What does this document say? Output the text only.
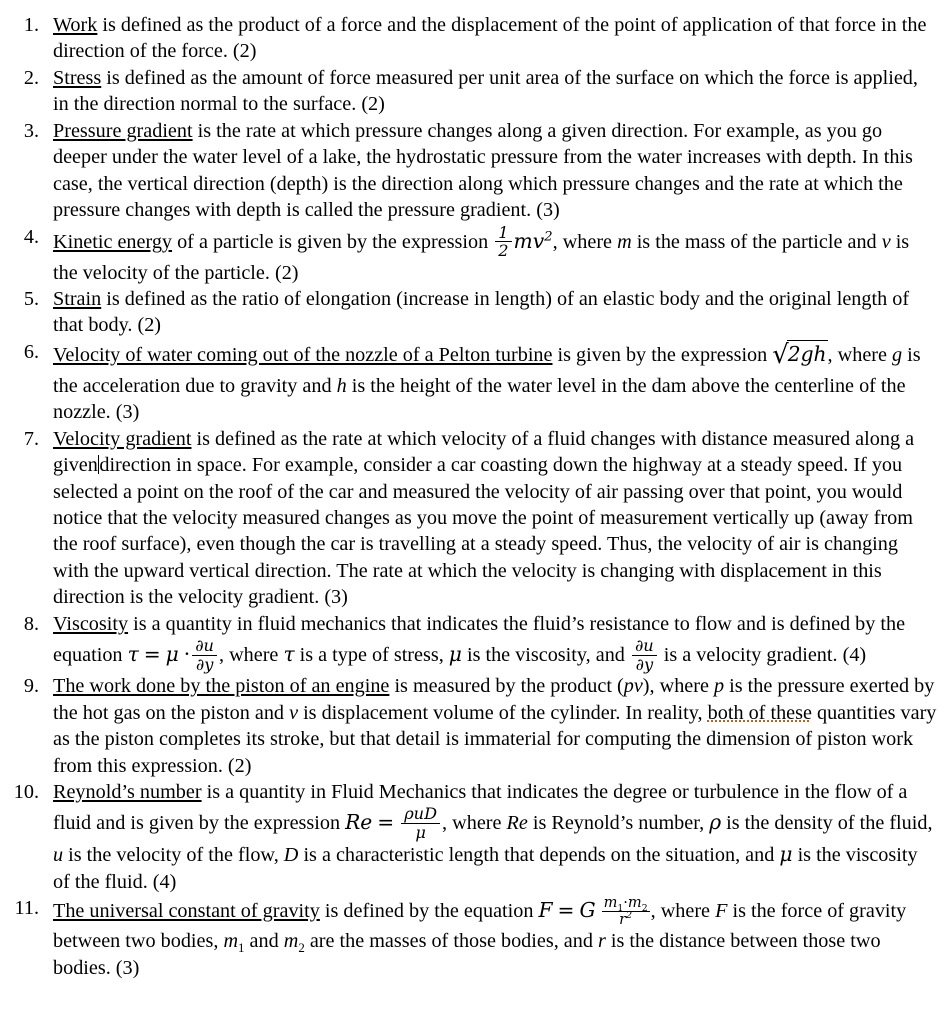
1. Work is defined as the product of a force and the displacement of the point of application of that force in the direction of the force. (2)
2. Stress is defined as the amount of force measured per unit area of the surface on which the force is applied, in the direction normal to the surface. (2)
3. Pressure gradient is the rate at which pressure changes along a given direction. For example, as you go deeper under the water level of a lake, the hydrostatic pressure from the water increases with depth. In this case, the vertical direction (depth) is the direction along which pressure changes and the rate at which the pressure changes with depth is called the pressure gradient. (3)
4. Kinetic energy of a particle is given by the expression $\frac{1}{2} mv^2$, where m is the mass of the particle and v is the velocity of the particle. (2)
5. Strain is defined as the ratio of elongation (increase in length) of an elastic body and the original length of that body. (2)
6. Velocity of water coming out of the nozzle of a Pelton turbine is given by the expression √2gh, where g is the acceleration due to gravity and h is the height of the water level in the dam above the centerline of the nozzle. (3)
7. Velocity gradient is defined as the rate at which velocity of a fluid changes with distance measured along a givendirection in space. For example, consider a car coasting down the highway at a steady speed. If you selected a point on the roof of the car and measured the velocity of air passing over that point, you would notice that the velocity measured changes as you move the point of measurement vertically up (away from the roof surface), even though the car is travelling at a steady speed. Thus, the velocity of air is changing with the upward vertical direction. The rate at which the velocity is changing with displacement in this direction is the velocity gradient. (3)
8. Viscosity is a quantity in fluid mechanics that indicates the fluid’s resistance to flow and is defined by the equation $\tau = \mu \cdot \frac{\partial u}{\partial y}$ , where τ is a type of stress, μ is the viscosity, and $\frac{\partial u}{\partial y}$ is a velocity gradient. (4)
9. The work done by the piston of an engine is measured by the product (pv), where p is the pressure exerted by the hot gas on the piston and v is displacement volume of the cylinder. In reality, both of these quantities vary as the piston completes its stroke, but that detail is immaterial for computing the dimension of piston work from this expression. (2)
10. Reynold’s number is a quantity in Fluid Mechanics that indicates the degree or turbulence in the flow of a fluid and is given by the expression $Re = \frac{\text{ρuD}}{\mu}$ , where Re is Reynold’s number, ρ is the density of the fluid, u is the velocity of the flow, D is a characteristic length that depends on the situation, and μ is the viscosity of the fluid. (4)
11. The universal constant of gravity is defined by the equation F = G $\frac{m_1\cdot m_2}{r^2}$ , where F is the force of gravity between two bodies, $m_1$ and $m_2$ are the masses of those bodies, and r is the distance between those two bodies. (3)
